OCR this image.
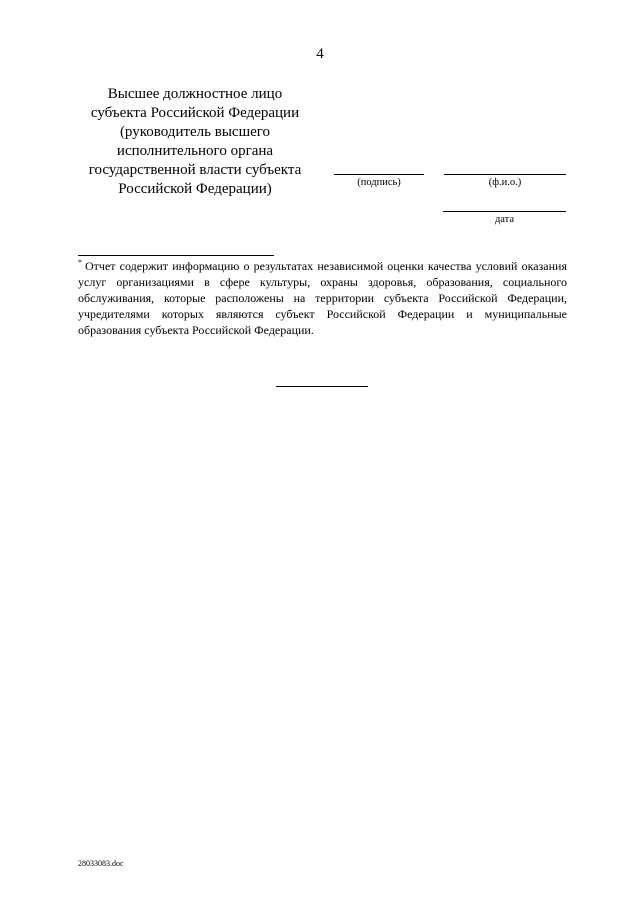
4
Высшее должностное лицо
субъекта Российской Федерации
(руководитель высшего
исполнительного органа
государственной власти субъекта
Российской Федерации)	(подпись)	(ф.и.о.)
дата
* Отчет содержит информацию о результатах независимой оценки качества условий оказания услуг организациями в сфере культуры, охраны здоровья, образования, социального обслуживания, которые расположены на территории субъекта Российской Федерации, учредителями которых являются субъект Российской Федерации и муниципальные образования субъекта Российской Федерации.
28033083.doc
